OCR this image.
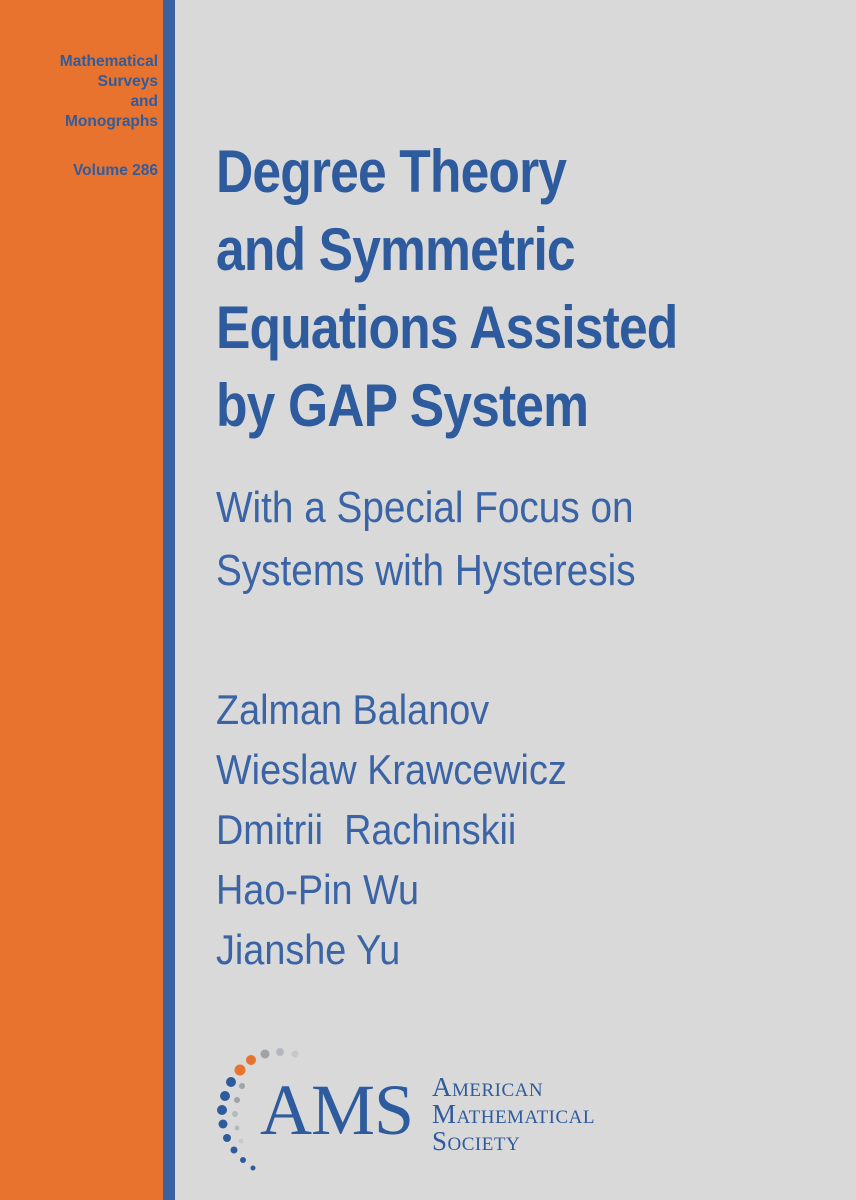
Mathematical
Surveys
and
Monographs
Volume 286 Degree Theory
and Symmetric
Equations Assisted
by GAP System
With a Special Focus on
Systems with Hysteresis
Zalman Balanov
Wieslaw Krawcewicz
Dmitrii  Rachinskii
Hao-Pin Wu
Jianshe Yu
AMS American
Mathematical
Society
